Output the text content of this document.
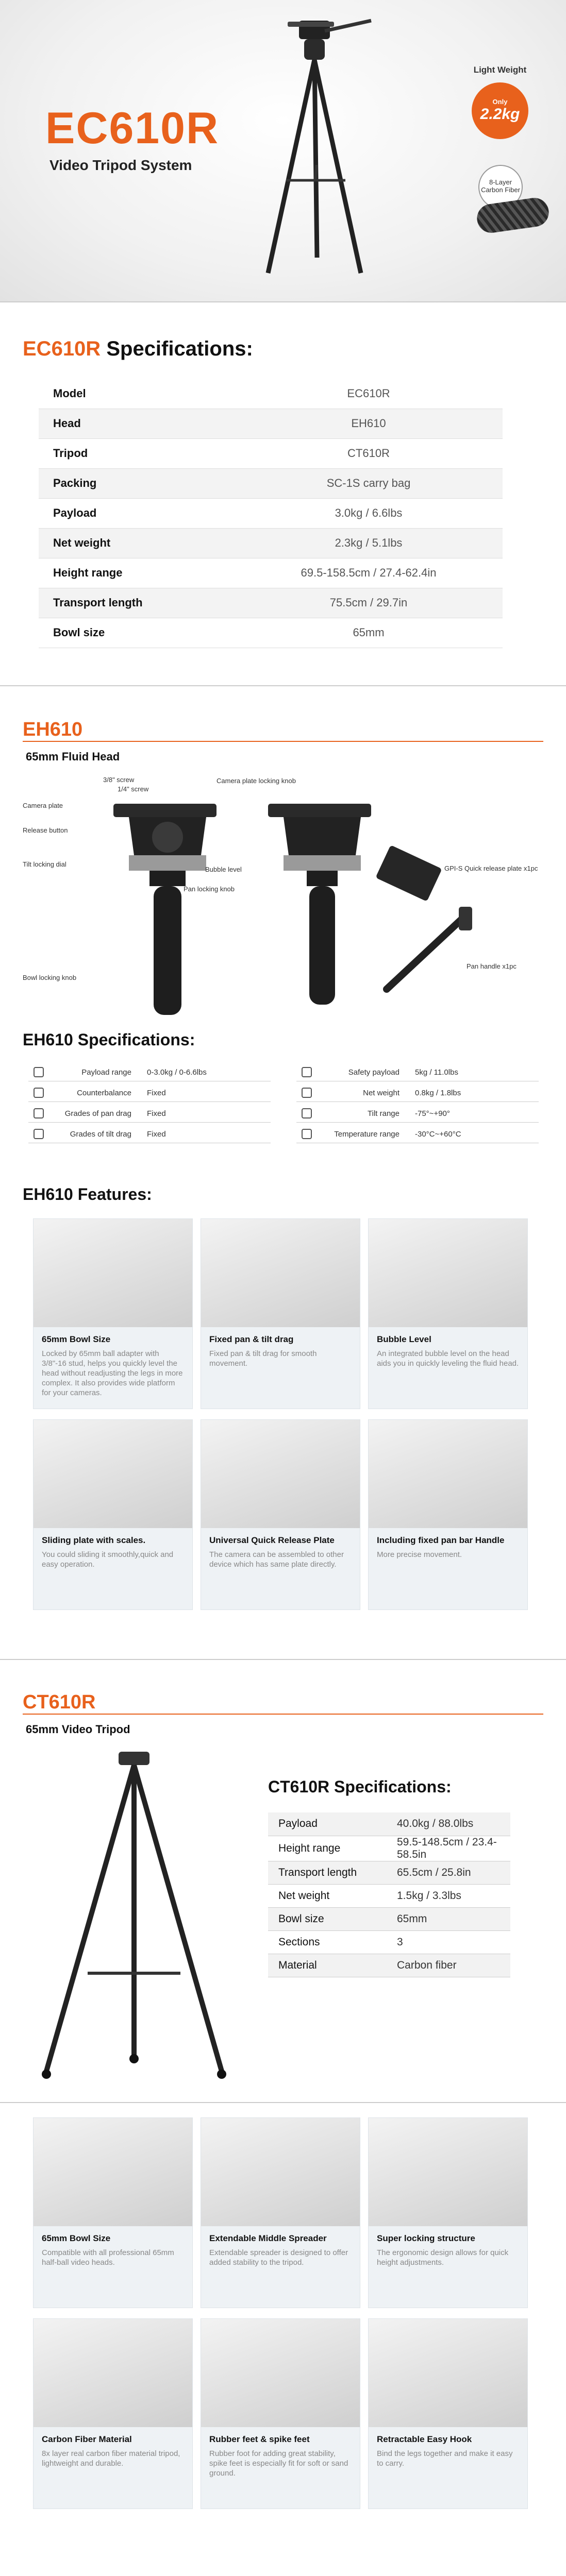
EC610R
Video Tripod System
Light Weight
Only
2.2kg
8-Layer Carbon Fiber
EC610R Specifications:
Model	EC610R
Head	EH610
Tripod	CT610R
Packing	SC-1S carry bag
Payload	3.0kg / 6.6lbs
Net weight	2.3kg / 5.1lbs
Height range	69.5-158.5cm / 27.4-62.4in
Transport length	75.5cm / 29.7in
Bowl size	65mm
EH610
65mm Fluid Head
3/8" screw
1/4" screw
Camera plate
Release button
Tilt locking dial
Bubble level
Pan locking knob
Bowl locking knob
Camera plate locking knob
GPI-S Quick release plate x1pc
Pan handle x1pc
EH610 Specifications:
Payload range 0-3.0kg / 0-6.6lbs
Counterbalance Fixed
Grades of pan drag Fixed
Grades of tilt drag Fixed
Safety payload 5kg / 11.0lbs
Net weight 0.8kg / 1.8lbs
Tilt range -75°~+90°
Temperature range -30°C~+60°C
EH610 Features:
65mm Bowl Size
Locked by 65mm ball adapter with 3/8"-16 stud, helps you quickly level the head without readjusting the legs in more complex. It also provides wide platform for your cameras.
Fixed pan & tilt drag
Fixed pan & tilt drag for smooth movement.
Bubble Level
An integrated bubble level on the head aids you in quickly leveling the fluid head.
Sliding plate with scales.
You could sliding it smoothly,quick and easy operation.
Universal Quick Release Plate
The camera can be assembled to other device which has same plate directly.
Including fixed pan bar Handle
More precise movement.
CT610R
65mm Video Tripod
CT610R Specifications:
Payload	40.0kg / 88.0lbs
Height range	59.5-148.5cm / 23.4-58.5in
Transport length	65.5cm / 25.8in
Net weight	1.5kg / 3.3lbs
Bowl size	65mm
Sections	3
Material	Carbon fiber
65mm Bowl Size
Compatible with all professional 65mm half-ball video heads.
Extendable Middle Spreader
Extendable spreader is designed to offer added stability to the tripod.
Super locking structure
The ergonomic design allows for quick height adjustments.
Carbon Fiber Material
8x layer real carbon fiber material tripod, lightweight and durable.
Rubber feet & spike feet
Rubber foot for adding great stability, spike feet is especially fit for soft or sand ground.
Retractable Easy Hook
Bind the legs together and make it easy to carry.
